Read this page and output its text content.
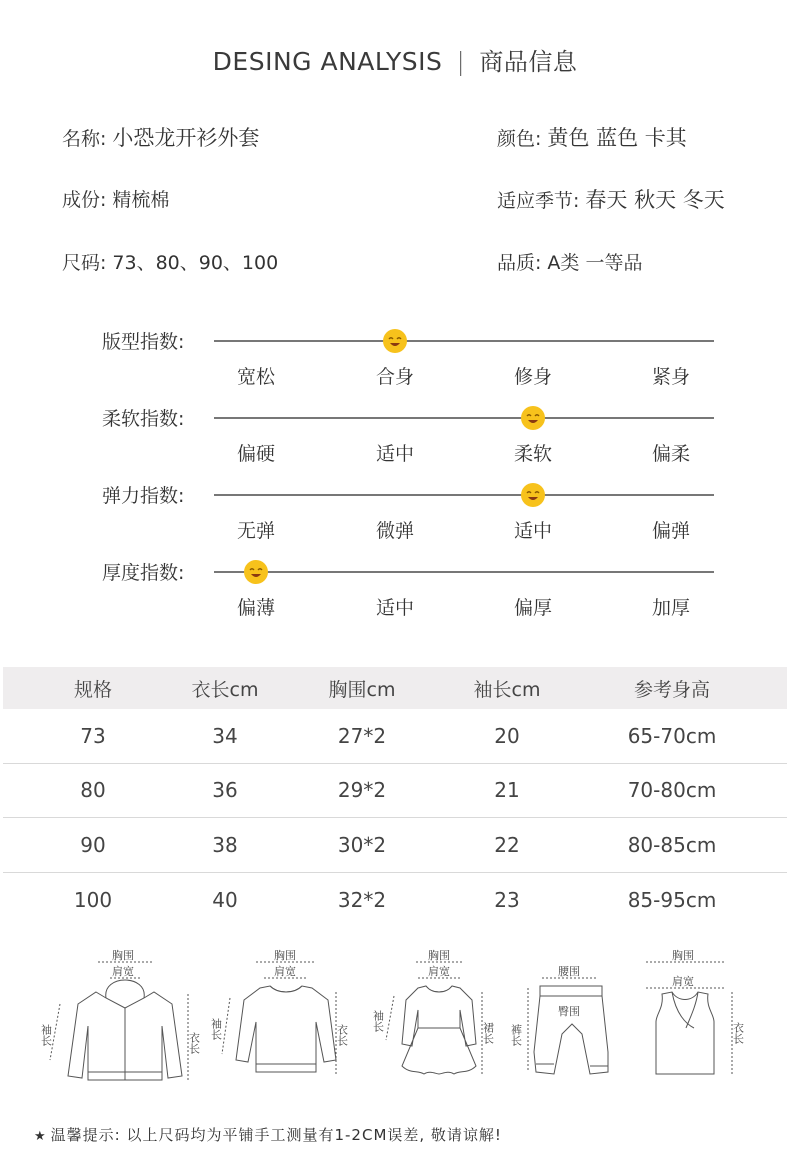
DESING ANALYSIS | 商品信息
名称: 小恐龙开衫外套	颜色: 黄色 蓝色 卡其
成份: 精梳棉	适应季节: 春天 秋天 冬天
尺码: 73、80、90、100	品质: A类 一等品
版型指数:
宽松	合身	修身	紧身
柔软指数:
偏硬	适中	柔软	偏柔
弹力指数:
无弹	微弹	适中	偏弹
厚度指数:
偏薄	适中	偏厚	加厚
规格	衣长cm	胸围cm	袖长cm	参考身高
73	34	27*2	20	65-70cm
80	36	29*2	21	70-80cm
90	38	30*2	22	80-85cm
100	40	32*2	23	85-95cm
胸围
肩宽
衣长
袖长
胸围
肩宽
衣长
袖长
胸围
肩宽
裙长
袖长
腰围
臀围
裤长
胸围
肩宽
衣长
★ 温馨提示: 以上尺码均为平铺手工测量有1-2CM误差, 敬请谅解!
